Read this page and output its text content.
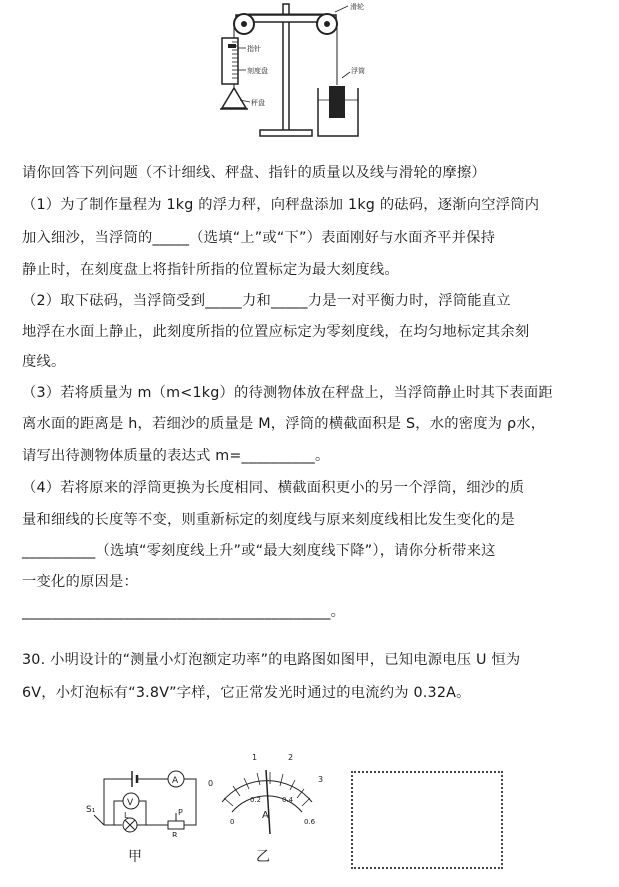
滑轮
指针
刻度盘
秤盘
浮筒
请你回答下列问题（不计细线、秤盘、指针的质量以及线与滑轮的摩擦）
（1）为了制作量程为 1kg 的浮力秤，向秤盘添加 1kg 的砝码，逐渐向空浮筒内
加入细沙，当浮筒的_____（选填“上”或“下”）表面刚好与水面齐平并保持
静止时，在刻度盘上将指针所指的位置标定为最大刻度线。
（2）取下砝码，当浮筒受到_____力和_____力是一对平衡力时，浮筒能直立
地浮在水面上静止，此刻度所指的位置应标定为零刻度线，在均匀地标定其余刻
度线。
（3）若将质量为 m（m<1kg）的待测物体放在秤盘上，当浮筒静止时其下表面距
离水面的距离是 h，若细沙的质量是 M，浮筒的横截面积是 S，水的密度为 ρ水，
请写出待测物体质量的表达式 m=__________。
（4）若将原来的浮筒更换为长度相同、横截面积更小的另一个浮筒，细沙的质
量和细线的长度等不变，则重新标定的刻度线与原来刻度线相比发生变化的是
__________（选填“零刻度线上升”或“最大刻度线下降”），请你分析带来这
一变化的原因是：
__________________________________________。
30. 小明设计的“测量小灯泡额定功率”的电路图如图甲，已知电源电压 U 恒为
6V，小灯泡标有“3.8V”字样，它正常发光时通过的电流约为 0.32A。
A
S₁
L
V
P
R
甲
0
1	2
3
0
0.2	0.4
0.6
A
乙
